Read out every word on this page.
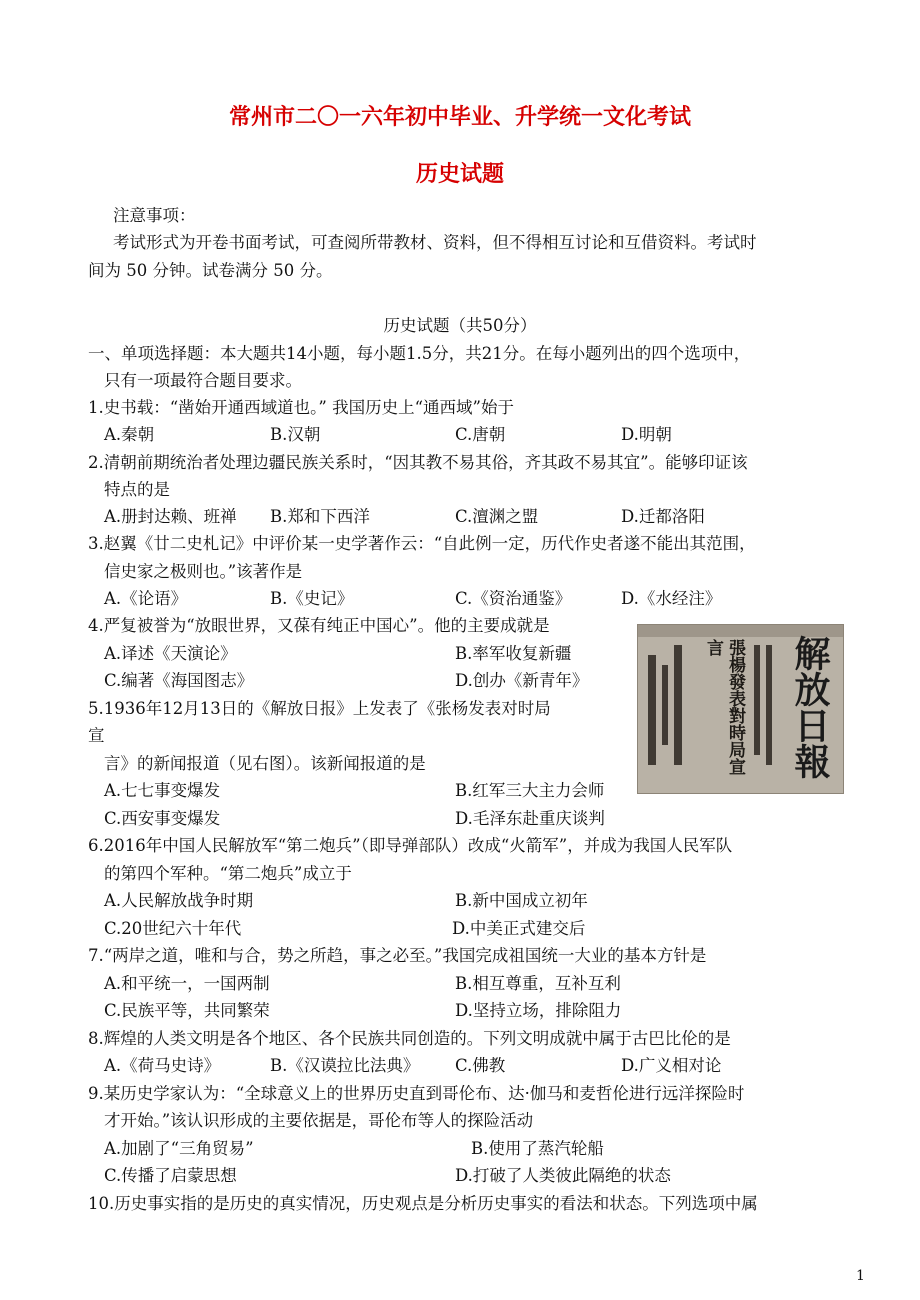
常州市二〇一六年初中毕业、升学统一文化考试
历史试题
注意事项：
考试形式为开卷书面考试，可查阅所带教材、资料，但不得相互讨论和互借资料。考试时
间为 50 分钟。试卷满分 50 分。
历史试题（共50分）
一、单项选择题：本大题共14小题，每小题1.5分，共21分。在每小题列出的四个选项中，
只有一项最符合题目要求。
1.史书载：“凿始开通西域道也。” 我国历史上“通西域”始于
A.秦朝	B.汉朝	C.唐朝	D.明朝
2.清朝前期统治者处理边疆民族关系时，“因其教不易其俗，齐其政不易其宜”。能够印证该
特点的是
A.册封达赖、班禅 B.郑和下西洋	C.澶渊之盟	D.迁都洛阳
3.赵翼《廿二史札记》中评价某一史学著作云：“自此例一定，历代作史者遂不能出其范围，
信史家之极则也。”该著作是
A.《论语》	B.《史记》	C.《资治通鉴》	D.《水经注》
4.严复被誉为“放眼世界，又葆有纯正中国心”。他的主要成就是
A.译述《天演论》	B.率军收复新疆
C.编著《海国图志》	D.创办《新青年》
5.1936年12月13日的《解放日报》上发表了《张杨发表对时局
宣
言》的新闻报道（见右图）。该新闻报道的是
A.七七事变爆发	B.红军三大主力会师
C.西安事变爆发	D.毛泽东赴重庆谈判
解放日報
張楊發表對時局宣言
6.2016年中国人民解放军“第二炮兵”（即导弹部队）改成“火箭军”，并成为我国人民军队
的第四个军种。“第二炮兵”成立于
A.人民解放战争时期	B.新中国成立初年
C.20世纪六十年代	D.中美正式建交后
7.“两岸之道，唯和与合，势之所趋，事之必至。”我国完成祖国统一大业的基本方针是
A.和平统一，一国两制	B.相互尊重，互补互利
C.民族平等，共同繁荣	D.坚持立场，排除阻力
8.辉煌的人类文明是各个地区、各个民族共同创造的。下列文明成就中属于古巴比伦的是
A.《荷马史诗》	B.《汉谟拉比法典》 C.佛教	D.广义相对论
9.某历史学家认为：“全球意义上的世界历史直到哥伦布、达·伽马和麦哲伦进行远洋探险时
才开始。”该认识形成的主要依据是，哥伦布等人的探险活动
A.加剧了“三角贸易”	B.使用了蒸汽轮船
C.传播了启蒙思想	D.打破了人类彼此隔绝的状态
10.历史事实指的是历史的真实情况，历史观点是分析历史事实的看法和状态。下列选项中属
1
